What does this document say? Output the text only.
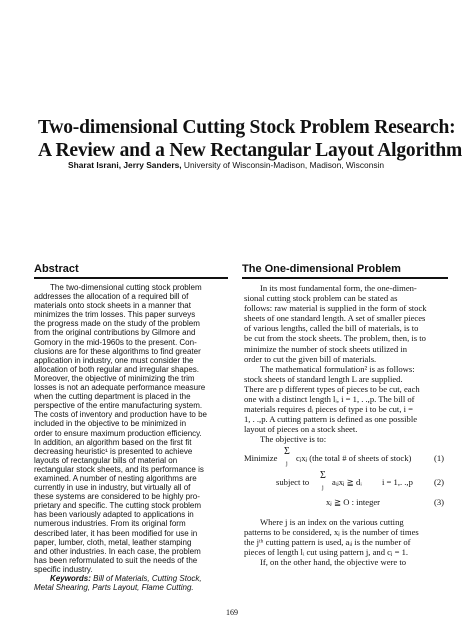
Two-dimensional Cutting Stock Problem Research:
A Review and a New Rectangular Layout Algorithm
Sharat Israni, Jerry Sanders, University of Wisconsin-Madison, Madison, Wisconsin
Abstract	The One-dimensional Problem
The two-dimensional cutting stock problem
addresses the allocation of a required bill of
materials onto stock sheets in a manner that
minimizes the trim losses. This paper surveys
the progress made on the study of the problem
from the original contributions by Gilmore and
Gomory in the mid-1960s to the present. Con-
clusions are for these algorithms to find greater
application in industry, one must consider the
allocation of both regular and irregular shapes.
Moreover, the objective of minimizing the trim
losses is not an adequate performance measure
when the cutting department is placed in the
perspective of the entire manufacturing system.
The costs of inventory and production have to be
included in the objective to be minimized in
order to ensure maximum production efficiency.
In addition, an algorithm based on the first fit
decreasing heuristic¹ is presented to achieve
layouts of rectangular bills of material on
rectangular stock sheets, and its performance is
examined. A number of nesting algorithms are
currently in use in industry, but virtually all of
these systems are considered to be highly pro-
prietary and specific. The cutting stock problem
has been variously adapted to applications in
numerous industries. From its original form
described later, it has been modified for use in
paper, lumber, cloth, metal, leather stamping
and other industries. In each case, the problem
has been reformulated to suit the needs of the
specific industry.
Keywords: Bill of Materials, Cutting Stock,
Metal Shearing, Parts Layout, Flame Cutting.
In its most fundamental form, the one-dimen-
sional cutting stock problem can be stated as
follows: raw material is supplied in the form of stock
sheets of one standard length. A set of smaller pieces
of various lengths, called the bill of materials, is to
be cut from the stock sheets. The problem, then, is to
minimize the number of stock sheets utilized in
order to cut the given bill of materials.
The mathematical formulation² is as follows:
stock sheets of standard length L are supplied.
There are p different types of pieces to be cut, each
one with a distinct length lᵢ, i = 1, . .,p. The bill of
materials requires dᵢ pieces of type i to be cut, i =
1, . .,p. A cutting pattern is defined as one possible
layout of pieces on a stock sheet.
The objective is to:
Minimize
Σ
j
cⱼxⱼ (the total # of sheets of stock)	(1)
subject to
Σ
j
aᵢⱼxⱼ ≧ dᵢ i = 1,. .,p (2)
xⱼ ≧ O : integer	(3)
Where j is an index on the various cutting
patterns to be considered, xⱼ is the number of times
the jᵗʰ cutting pattern is used, aᵢⱼ is the number of
pieces of length lᵢ cut using pattern j, and cⱼ = 1.
If, on the other hand, the objective were to
169
